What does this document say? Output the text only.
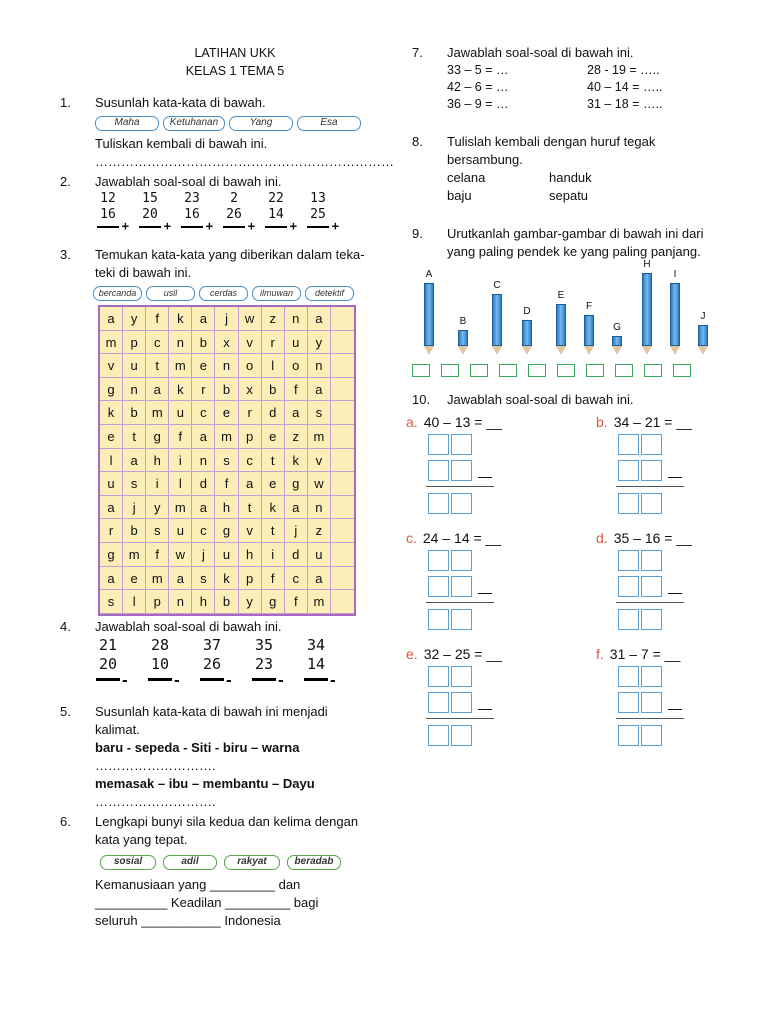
LATIHAN UKK
KELAS 1 TEMA 5
1. Susunlah kata-kata di bawah.
Maha	Ketuhanan	Yang	Esa
Tuliskan kembali di bawah ini.
……………………………………………………………
2. Jawablah soal-soal di bawah ini.
12
16
+
15
20
+
23
16
+
2
26
+
22
14
+
13
25
+
3. Temukan kata-kata yang diberikan dalam teka-teki di bawah ini.
bercanda	usil	cerdas	ilmuwan	detektif
a	y	f	k	a	j	w	z	n	a
m	p	c	n	b	x	v	r	u	y
v	u	t	m	e	n	o	l	o	n
g	n	a	k	r	b	x	b	f	a
k	b	m	u	c	e	r	d	a	s
e	t	g	f	a	m	p	e	z	m
l	a	h	i	n	s	c	t	k	v
u	s	i	l	d	f	a	e	g	w
a	j	y	m	a	h	t	k	a	n
r	b	s	u	c	g	v	t	j	z
g	m	f	w	j	u	h	i	d	u
a	e	m	a	s	k	p	f	c	a
s	l	p	n	h	b	y	g	f	m
4. Jawablah soal-soal di bawah ini.
21
20
-
28
10
-
37
26
-
35
23
-
34
14
-
5. Susunlah kata-kata di bawah ini menjadi kalimat.
baru - sepeda - Siti - biru – warna
……………………….
memasak – ibu – membantu – Dayu
……………………….
6. Lengkapi bunyi sila kedua dan kelima dengan kata yang tepat.
sosial	adil	rakyat	beradab
Kemanusiaan yang _________ dan
__________ Keadilan _________ bagi
seluruh ___________ Indonesia
7. Jawablah soal-soal di bawah ini.
33 – 5 = …	28 - 19 = …..
42 – 6 = …	40 – 14 = …..
36 – 9 = …	31 – 18 = …..
8. Tulislah kembali dengan huruf tegak bersambung.
celana	handuk
baju	sepatu
9. Urutkanlah gambar-gambar di bawah ini dari yang paling pendek ke yang paling panjang.
A
B
C
D
E
F
G
H
I
J
10. Jawablah soal-soal di bawah ini.
a. 40 – 13 = __	b. 34 – 21 = __
c. 24 – 14 = __	d. 35 – 16 = __
e. 32 – 25 = __	f. 31 – 7 = __
